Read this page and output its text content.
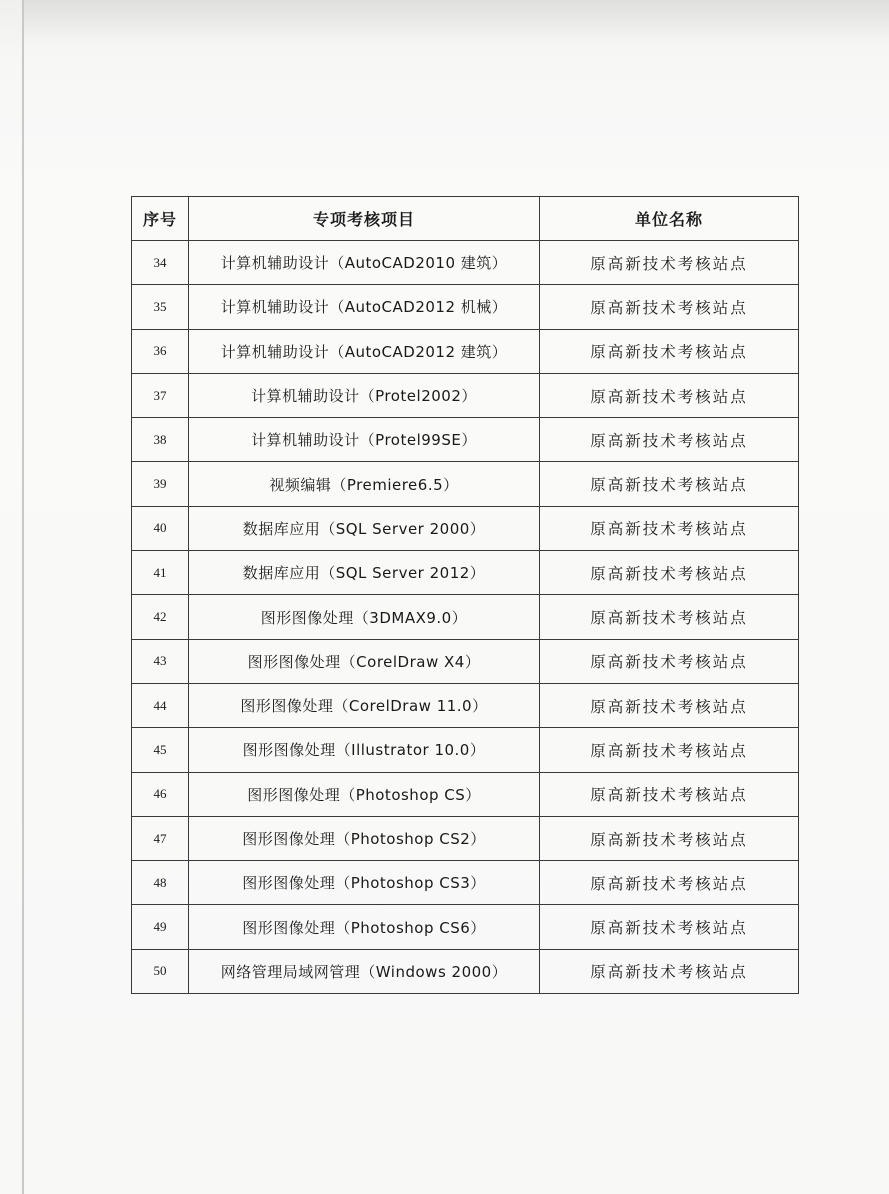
序号	专项考核项目	单位名称
34	计算机辅助设计（AutoCAD2010 建筑）	原高新技术考核站点
35	计算机辅助设计（AutoCAD2012 机械）	原高新技术考核站点
36	计算机辅助设计（AutoCAD2012 建筑）	原高新技术考核站点
37	计算机辅助设计（Protel2002）	原高新技术考核站点
38	计算机辅助设计（Protel99SE）	原高新技术考核站点
39	视频编辑（Premiere6.5）	原高新技术考核站点
40	数据库应用（SQL Server 2000）	原高新技术考核站点
41	数据库应用（SQL Server 2012）	原高新技术考核站点
42	图形图像处理（3DMAX9.0）	原高新技术考核站点
43	图形图像处理（CorelDraw X4）	原高新技术考核站点
44	图形图像处理（CorelDraw 11.0）	原高新技术考核站点
45	图形图像处理（Illustrator 10.0）	原高新技术考核站点
46	图形图像处理（Photoshop CS）	原高新技术考核站点
47	图形图像处理（Photoshop CS2）	原高新技术考核站点
48	图形图像处理（Photoshop CS3）	原高新技术考核站点
49	图形图像处理（Photoshop CS6）	原高新技术考核站点
50	网络管理局域网管理（Windows 2000）	原高新技术考核站点
